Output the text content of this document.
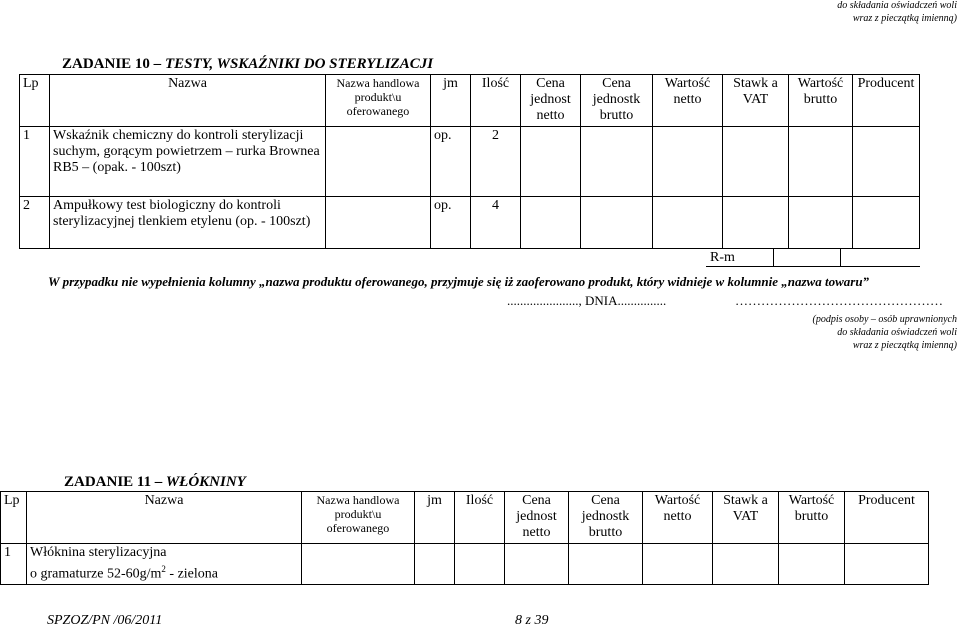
do składania oświadczeń woli
wraz z pieczątką imienną)
ZADANIE 10 – TESTY, WSKAŹNIKI DO STERYLIZACJI
Lp	Nazwa	Nazwa handlowa produkt\u oferowanego	jm	Ilość	Cena jednost netto	Cena jednostk brutto	Wartość netto	Stawk a VAT	Wartość brutto	Producent
1	Wskaźnik chemiczny do kontroli sterylizacji suchym, gorącym powietrzem – rurka Brownea RB5 – (opak. - 100szt)		op.	2						
2	Ampułkowy test biologiczny do kontroli sterylizacyjnej tlenkiem etylenu (op. - 100szt)		op.	4						
R-m
W przypadku nie wypełnienia kolumny „nazwa produktu oferowanego, przyjmuje się iż zaoferowano produkt, który widnieje w kolumnie „nazwa towaru”
......................, DNIA...............	…………………………………………
(podpis osoby – osób uprawnionych
do składania oświadczeń woli
wraz z pieczątką imienną)
ZADANIE 11 – WŁÓKNINY
Lp	Nazwa	Nazwa handlowa produkt\u oferowanego	jm	Ilość	Cena jednost netto	Cena jednostk brutto	Wartość netto	Stawk a VAT	Wartość brutto	Producent
1	Włóknina sterylizacyjna
o gramaturze $52-60g/m^2$ - zielona									

SPZOZ/PN /06/2011	8 z 39
